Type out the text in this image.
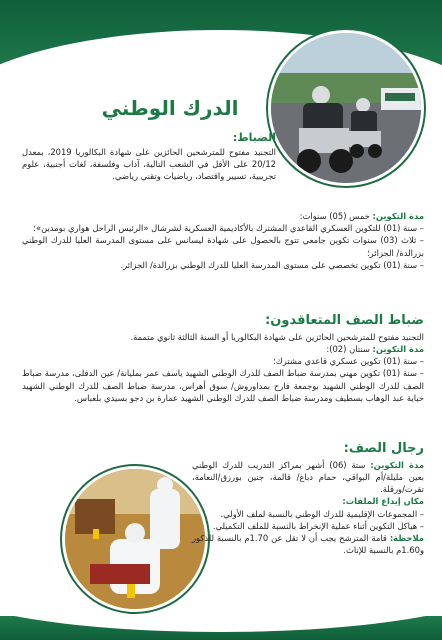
الدرك الوطني
الضباط:

التجنيد مفتوح للمترشحين الحائزين على شهادة البكالوريا 2019، بمعدل 20/12 على الأقل في الشعب التالية، آداب وفلسفة، لغات أجنبية، علوم تجريبية، تسيير واقتصاد، رياضيات وتقني رياضي.

مدة التكوين: خمس (05) سنوات:

– سنة (01) للتكوين العسكري القاعدي المشترك بالأكاديمية العسكرية لشرشال «الرئيس الراحل هواري بومدين»؛

– ثلاث (03) سنوات تكوين جامعي تتوج بالحصول على شهادة ليسانس على مستوى المدرسة العليا للدرك الوطني بزرالدة/ الجزائر؛

– سنة (01) تكوين تخصصي على مستوى المدرسة العليا للدرك الوطني بزرالدة/ الجزائر.

ضباط الصف المتعاقدون:

التجنيد مفتوح للمترشحين الحائزين على شهادة البكالوريا أو السنة الثالثة ثانوي متممة.

مدة التكوين: سنتان (02):

– سنة (01) تكوين عسكري قاعدي مشترك؛

– سنة (01) تكوين مهني بمدرسة ضباط الصف للدرك الوطني الشهيد ياسف عمر بمليانة/ عين الدفلى، مدرسة ضباط الصف للدرك الوطني الشهيد بوجمعة فارح بمداوروش/ سوق أهراس، مدرسة ضباط الصف للدرك الوطني الشهيد خباية عبد الوهاب بسطيف ومدرسة ضباط الصف للدرك الوطني الشهيد عمارة بن دجو بسيدي بلعباس.

رجال الصف:

مدة التكوين: ستة (06) أشهر بمراكز التدريب للدرك الوطني بعين مليلة/أم البواقي، حمام دباغ/ قالمة، جنين بورزق/النعامة، تقرت/ورقلة.

مكان إيداع الملفات:

– المجموعات الإقليمية للدرك الوطني بالنسبة لملف الأولي.

– هياكل التكوين أثناء عملية الإنخراط بالنسبة للملف التكميلي.

ملاحظة: قامة المترشح يجب أن لا تقل عن 1.70م بالنسبة للذكور و1.60م بالنسبة للإناث.
